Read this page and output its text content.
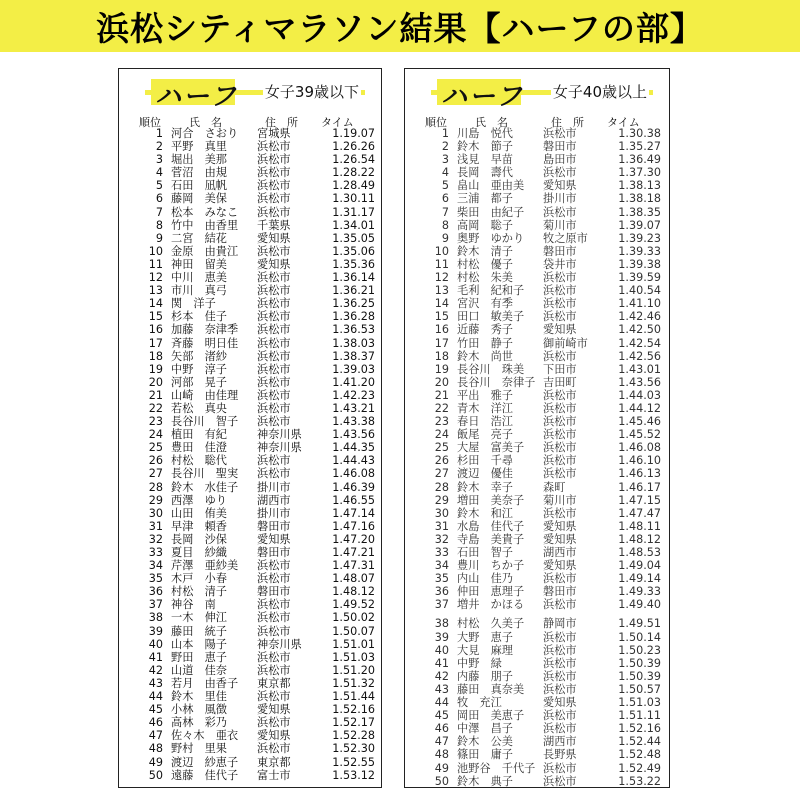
浜松シティマラソン結果【ハーフの部】
ハーフ 女子39歳以下
順位	氏　名	住　所 タイム
1 河合　さおり	宮城県	1.19.07
2 平野　真里	浜松市	1.26.26
3 堀出　美那	浜松市	1.26.54
4 菅沼　由規	浜松市	1.28.22
5 石田　凪帆	浜松市	1.28.49
6 藤岡　美保	浜松市	1.30.11
7 松本　みなこ	浜松市	1.31.17
8 竹中　由香里	千葉県	1.34.01
9 二宮　結花	愛知県	1.35.05
10 金原　由貴江	浜松市	1.35.06
11 神田　留美	愛知県	1.35.36
12 中川　恵美	浜松市	1.36.14
13 市川　真弓	浜松市	1.36.21
14 関　洋子	浜松市	1.36.25
15 杉本　佳子	浜松市	1.36.28
16 加藤　奈津季	浜松市	1.36.53
17 斉藤　明日佳	浜松市	1.38.03
18 矢部　渚紗	浜松市	1.38.37
19 中野　淳子	浜松市	1.39.03
20 河部　晃子	浜松市	1.41.20
21 山崎　由佳理	浜松市	1.42.23
22 若松　真央	浜松市	1.43.21
23 長谷川　智子	浜松市	1.43.38
24 植田　有紀	神奈川県	1.43.56
25 豊田　佳澄	神奈川県	1.44.35
26 村松　聡代	浜松市	1.44.43
27 長谷川　聖実	浜松市	1.46.08
28 鈴木　水佳子	掛川市	1.46.39
29 西澤　ゆり	湖西市	1.46.55
30 山田　侑美	掛川市	1.47.14
31 早津　頼香	磐田市	1.47.16
32 長岡　沙保	愛知県	1.47.20
33 夏目　紗織	磐田市	1.47.21
34 芹澤　亜紗美	浜松市	1.47.31
35 木戸　小春	浜松市	1.48.07
36 村松　清子	磐田市	1.48.12
37 神谷　南	浜松市	1.49.52
38 一木　伸江	浜松市	1.50.02
39 藤田　統子	浜松市	1.50.07
40 山本　陽子	神奈川県	1.51.01
41 野田　恵子	浜松市	1.51.03
42 山道　佳奈	浜松市	1.51.20
43 若月　由香子	東京都	1.51.32
44 鈴木　里佳	浜松市	1.51.44
45 小林　風徴	愛知県	1.52.16
46 高林　彩乃	浜松市	1.52.17
47 佐々木　亜衣	愛知県	1.52.28
48 野村　里果	浜松市	1.52.30
49 渡辺　紗恵子	東京都	1.52.55
50 遠藤　佳代子	富士市	1.53.12
ハーフ 女子40歳以上
順位	氏　名	住　所 タイム
1 川島　悦代	浜松市	1.30.38
2 鈴木　節子	磐田市	1.35.27
3 浅見　早苗	島田市	1.36.49
4 長岡　壽代	浜松市	1.37.30
5 畠山　亜由美	愛知県	1.38.13
6 三浦　都子	掛川市	1.38.18
7 柴田　由紀子	浜松市	1.38.35
8 高岡　聡子	菊川市	1.39.07
9 奥野　ゆかり	牧之原市	1.39.23
10 鈴木　清子	磐田市	1.39.33
11 村松　優子	袋井市	1.39.38
12 村松　朱美	浜松市	1.39.59
13 毛利　紀和子	浜松市	1.40.54
14 宮沢　有季	浜松市	1.41.10
15 田口　敏美子	浜松市	1.42.46
16 近藤　秀子	愛知県	1.42.50
17 竹田　静子	御前崎市	1.42.54
18 鈴木　尚世	浜松市	1.42.56
19 長谷川　珠美	下田市	1.43.01
20 長谷川　奈律子 吉田町	1.43.56
21 平出　雅子	浜松市	1.44.03
22 青木　洋江	浜松市	1.44.12
23 春日　浩江	浜松市	1.45.46
24 飯尾　亮子	浜松市	1.45.52
25 大屋　富美子	浜松市	1.46.08
26 杉田　千尋	浜松市	1.46.10
27 渡辺　優佳	浜松市	1.46.13
28 鈴木　幸子	森町	1.46.17
29 増田　美奈子	菊川市	1.47.15
30 鈴木　和江	浜松市	1.47.47
31 水島　佳代子	愛知県	1.48.11
32 寺島　美貴子	愛知県	1.48.12
33 石田　智子	湖西市	1.48.53
34 豊川　ちか子	愛知県	1.49.04
35 内山　佳乃	浜松市	1.49.14
36 仲田　恵理子	磐田市	1.49.33
37 増井　かほる	浜松市	1.49.40
38 村松　久美子	静岡市	1.49.51
39 大野　恵子	浜松市	1.50.14
40 大見　麻理	浜松市	1.50.23
41 中野　緑	浜松市	1.50.39
42 内藤　朋子	浜松市	1.50.39
43 藤田　真奈美	浜松市	1.50.57
44 牧　充江	愛知県	1.51.03
45 岡田　美恵子	浜松市	1.51.11
46 中澤　昌子	浜松市	1.52.16
47 鈴木　公美	湖西市	1.52.44
48 篠田　庸子	長野県	1.52.48
49 池野谷　千代子 浜松市	1.52.49
50 鈴木　典子	浜松市	1.53.22
